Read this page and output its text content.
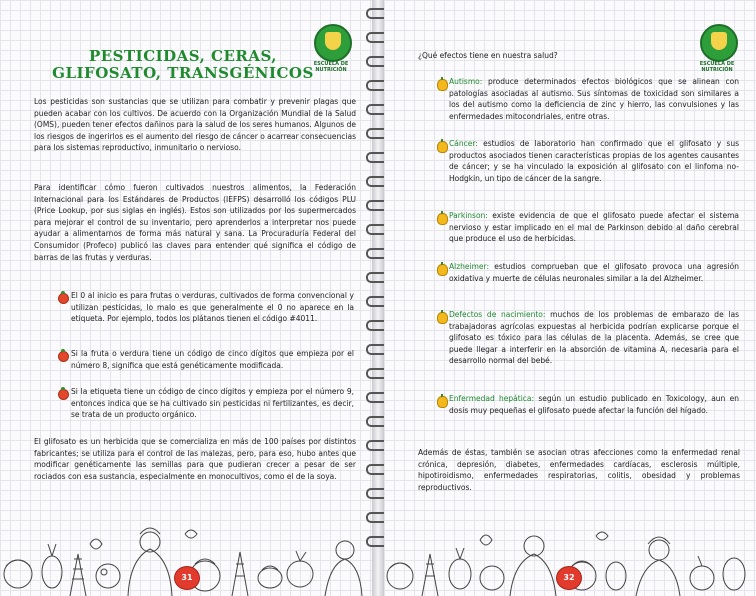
ESCUELA DE NUTRICIÓN
PESTICIDAS, CERAS, GLIFOSATO, TRANSGÉNICOS

Los pesticidas son sustancias que se utilizan para combatir y prevenir plagas que pueden acabar con los cultivos. De acuerdo con la Organización Mundial de la Salud (OMS), pueden tener efectos dañinos para la salud de los seres humanos. Algunos de los riesgos de ingerirlos es el aumento del riesgo de cáncer o acarrear consecuencias para los sistemas reproductivo, inmunitario o nervioso.

Para identificar cómo fueron cultivados nuestros alimentos, la Federación Internacional para los Estándares de Productos (IEFPS) desarrolló los códigos PLU (Price Lookup, por sus siglas en inglés). Estos son utilizados por los supermercados para mejorar el control de su inventario, pero aprenderlos a interpretar nos puede ayudar a alimentarnos de forma más natural y sana. La Procuraduría Federal del Consumidor (Profeco) publicó las claves para entender qué significa el código de barras de las frutas y verduras.

El 0 al inicio es para frutas o verduras, cultivados de forma convencional y utilizan pesticidas, lo malo es que generalmente el 0 no aparece en la etiqueta. Por ejemplo, todos los plátanos tienen el código #4011.

Si la fruta o verdura tiene un código de cinco dígitos que empieza por el número 8, significa que está genéticamente modificada.

Si la etiqueta tiene un código de cinco dígitos y empieza por el número 9, entonces indica que se ha cultivado sin pesticidas ni fertilizantes, es decir, se trata de un producto orgánico.

El glifosato es un herbicida que se comercializa en más de 100 países por distintos fabricantes; se utiliza para el control de las malezas, pero, para eso, hubo antes que modificar genéticamente las semillas para que pudieran crecer a pesar de ser rociados con esa sustancia, especialmente en monocultivos, como el de la soya.

31
ESCUELA DE NUTRICIÓN

¿Qué efectos tiene en nuestra salud?

Autismo: produce determinados efectos biológicos que se alinean con patologías asociadas al autismo. Sus síntomas de toxicidad son similares a los del autismo como la deficiencia de zinc y hierro, las convulsiones y las enfermedades mitocondriales, entre otras.

Cáncer: estudios de laboratorio han confirmado que el glifosato y sus productos asociados tienen características propias de los agentes causantes de cáncer; y se ha vinculado la exposición al glifosato con el linfoma no-Hodgkin, un tipo de cáncer de la sangre.

Parkinson: existe evidencia de que el glifosato puede afectar el sistema nervioso y estar implicado en el mal de Parkinson debido al daño cerebral que produce el uso de herbicidas.

Alzheimer: estudios comprueban que el glifosato provoca una agresión oxidativa y muerte de células neuronales similar a la del Alzheimer.

Defectos de nacimiento: muchos de los problemas de embarazo de las trabajadoras agrícolas expuestas al herbicida podrían explicarse porque el glifosato es tóxico para las células de la placenta. Además, se cree que puede llegar a interferir en la absorción de vitamina A, necesaria para el desarrollo normal del bebé.

Enfermedad hepática: según un estudio publicado en Toxicology, aun en dosis muy pequeñas el glifosato puede afectar la función del hígado.

Además de éstas, también se asocian otras afecciones como la enfermedad renal crónica, depresión, diabetes, enfermedades cardíacas, esclerosis múltiple, hipotiroidismo, enfermedades respiratorias, colitis, obesidad y problemas reproductivos.

32
